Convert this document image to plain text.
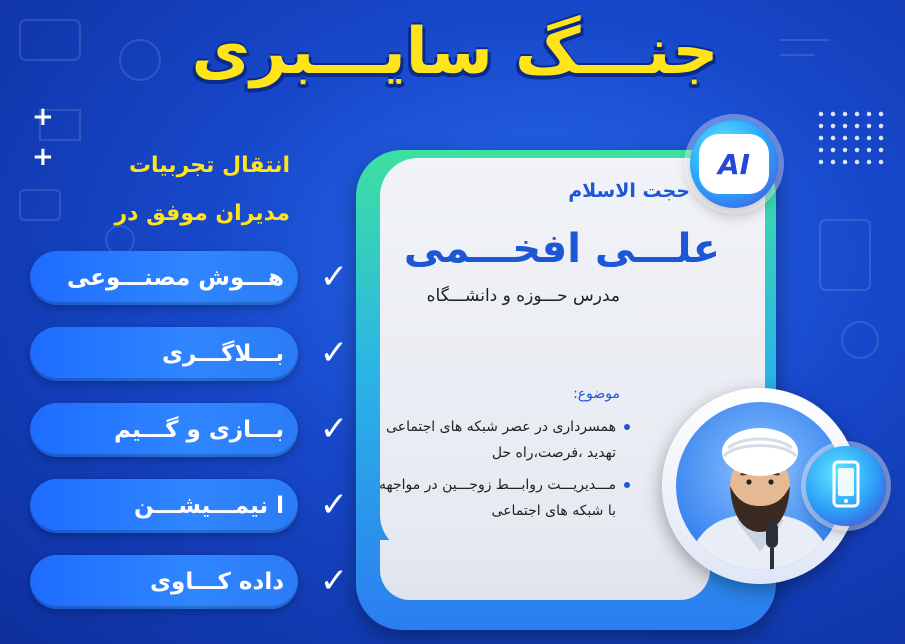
+
+
جنـــگ سایـــبری
انتقال تجربیات
مدیران موفق در
هـــوش مصنـــوعی ✓
بـــلاگـــری ✓
بـــازی و گـــیم ✓
ا نیمـــیشـــن ✓
داده کـــاوی ✓
حجت الاسلام
علـــی افخـــمی
مدرس حـــوزه و دانشـــگاه
موضوع:
همسرداری در عصر شبکه های اجتماعی تهدید ،فرصت،راه حل
مـــدیریـــت روابـــط زوجـــین در مواجهه با شبکه های اجتماعی
AI
